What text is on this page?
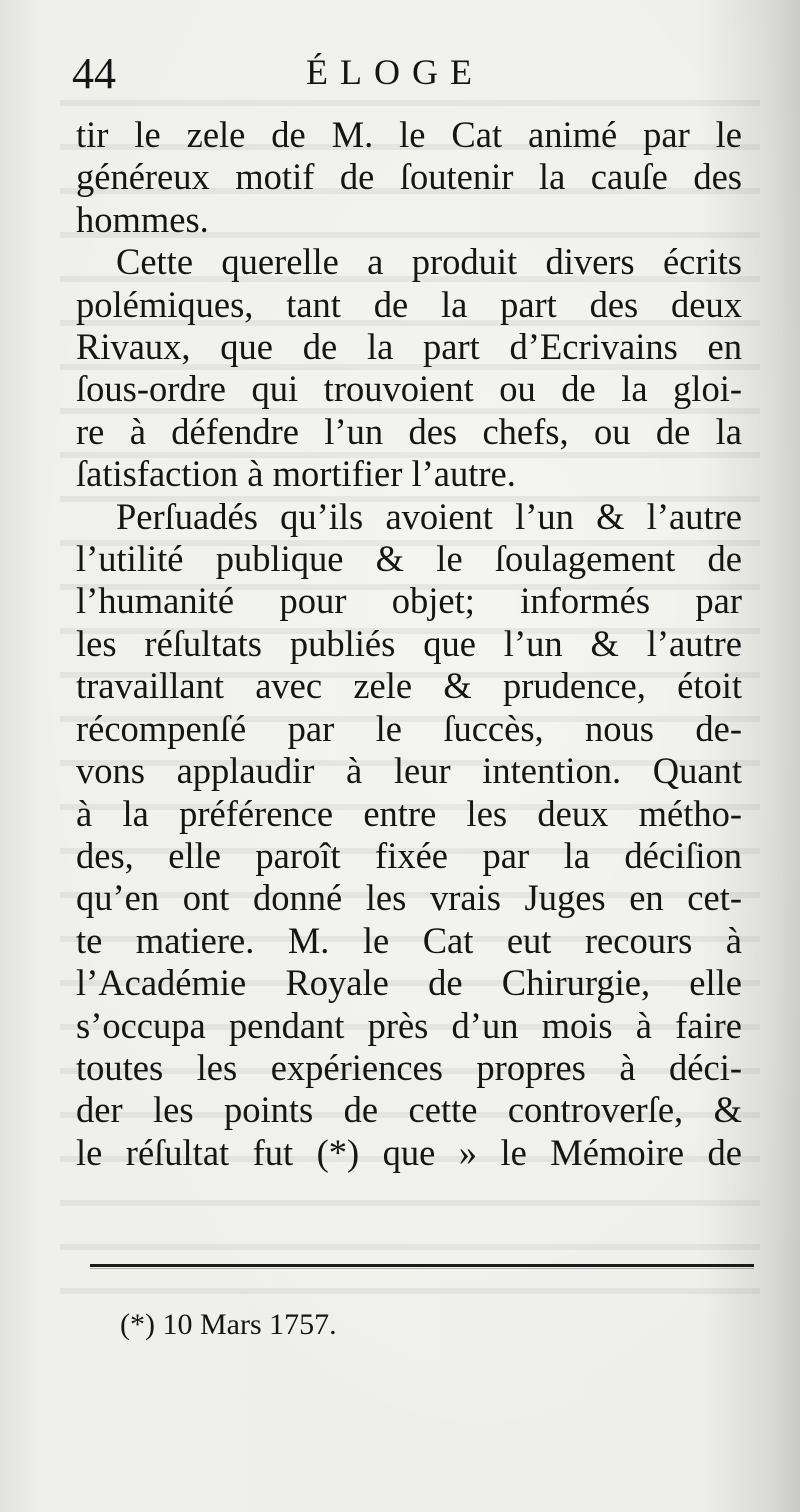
44	ÉLOGE
tir le zele de M. le Cat animé par le
généreux motif de ſoutenir la cauſe des
hommes.
Cette querelle a produit divers écrits
polémiques, tant de la part des deux
Rivaux, que de la part d’Ecrivains en
ſous-ordre qui trouvoient ou de la gloi-
re à défendre l’un des chefs, ou de la
ſatisfaction à mortifier l’autre.
Perſuadés qu’ils avoient l’un & l’autre
l’utilité publique & le ſoulagement de
l’humanité pour objet; informés par
les réſultats publiés que l’un & l’autre
travaillant avec zele & prudence, étoit
récompenſé par le ſuccès, nous de-
vons applaudir à leur intention. Quant
à la préférence entre les deux métho-
des, elle paroît fixée par la déciſion
qu’en ont donné les vrais Juges en cet-
te matiere. M. le Cat eut recours à
l’Académie Royale de Chirurgie, elle
s’occupa pendant près d’un mois à faire
toutes les expériences propres à déci-
der les points de cette controverſe, &
le réſultat fut (*) que » le Mémoire de
(*) 10 Mars 1757.
